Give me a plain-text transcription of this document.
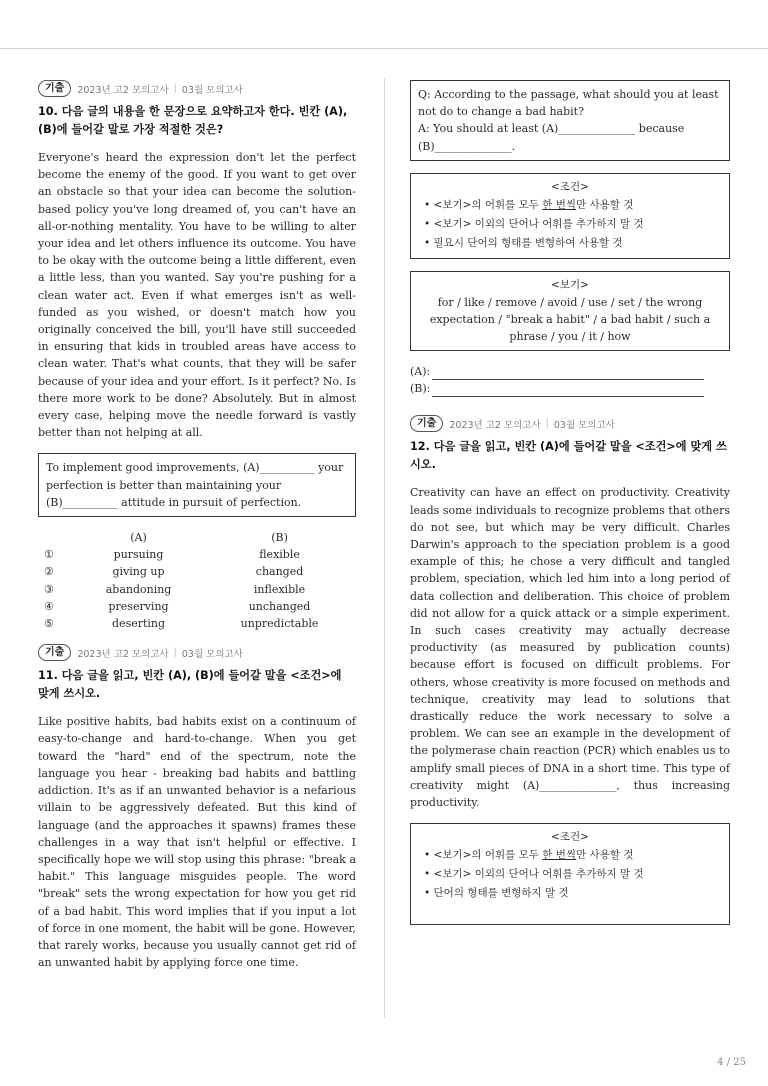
기출	2023년 고2 모의고사 | 03월 모의고사
10. 다음 글의 내용을 한 문장으로 요약하고자 한다. 빈칸 (A), (B)에 들어갈 말로 가장 적절한 것은?

Everyone's heard the expression don't let the perfect become the enemy of the good. If you want to get over an obstacle so that your idea can become the solution-based policy you've long dreamed of, you can't have an all-or-nothing mentality. You have to be willing to alter your idea and let others influence its outcome. You have to be okay with the outcome being a little different, even a little less, than you wanted. Say you're pushing for a clean water act. Even if what emerges isn't as well-funded as you wished, or doesn't match how you originally conceived the bill, you'll have still succeeded in ensuring that kids in troubled areas have access to clean water. That's what counts, that they will be safer because of your idea and your effort. Is it perfect? No. Is there more work to be done? Absolutely. But in almost every case, helping move the needle forward is vastly better than not helping at all.

To implement good improvements, (A)__________ your perfection is better than maintaining your (B)__________ attitude in pursuit of perfection.
	(A)	(B)
①	pursuing	flexible
②	giving up	changed
③	abandoning	inflexible
④	preserving	unchanged
⑤	deserting	unpredictable
기출	2023년 고2 모의고사 | 03월 모의고사
11. 다음 글을 읽고, 빈칸 (A), (B)에 들어갈 말을 <조건>에 맞게 쓰시오.

Like positive habits, bad habits exist on a continuum of easy-to-change and hard-to-change. When you get toward the "hard" end of the spectrum, note the language you hear - breaking bad habits and battling addiction. It's as if an unwanted behavior is a nefarious villain to be aggressively defeated. But this kind of language (and the approaches it spawns) frames these challenges in a way that isn't helpful or effective. I specifically hope we will stop using this phrase: "break a habit." This language misguides people. The word "break" sets the wrong expectation for how you get rid of a bad habit. This word implies that if you input a lot of force in one moment, the habit will be gone. However, that rarely works, because you usually cannot get rid of an unwanted habit by applying force one time.

Q: According to the passage, what should you at least not do to change a bad habit?
A: You should at least (A)______________ because (B)______________.
<조건>
• <보기>의 어휘를 모두 한 번씩만 사용할 것
• <보기> 이외의 단어나 어휘를 추가하지 말 것
• 필요시 단어의 형태를 변형하여 사용할 것
<보기>
for / like / remove / avoid / use / set / the wrong expectation / "break a habit" / a bad habit / such a phrase / you / it / how
(A):
(B):
기출	2023년 고2 모의고사 | 03월 모의고사
12. 다음 글을 읽고, 빈칸 (A)에 들어갈 말을 <조건>에 맞게 쓰시오.

Creativity can have an effect on productivity. Creativity leads some individuals to recognize problems that others do not see, but which may be very difficult. Charles Darwin's approach to the speciation problem is a good example of this; he chose a very difficult and tangled problem, speciation, which led him into a long period of data collection and deliberation. This choice of problem did not allow for a quick attack or a simple experiment. In such cases creativity may actually decrease productivity (as measured by publication counts) because effort is focused on difficult problems. For others, whose creativity is more focused on methods and technique, creativity may lead to solutions that drastically reduce the work necessary to solve a problem. We can see an example in the development of the polymerase chain reaction (PCR) which enables us to amplify small pieces of DNA in a short time. This type of creativity might (A)______________, thus increasing productivity.

<조건>
• <보기>의 어휘를 모두 한 번씩만 사용할 것
• <보기> 이외의 단어나 어휘를 추가하지 말 것
• 단어의 형태를 변형하지 말 것
4 / 25
